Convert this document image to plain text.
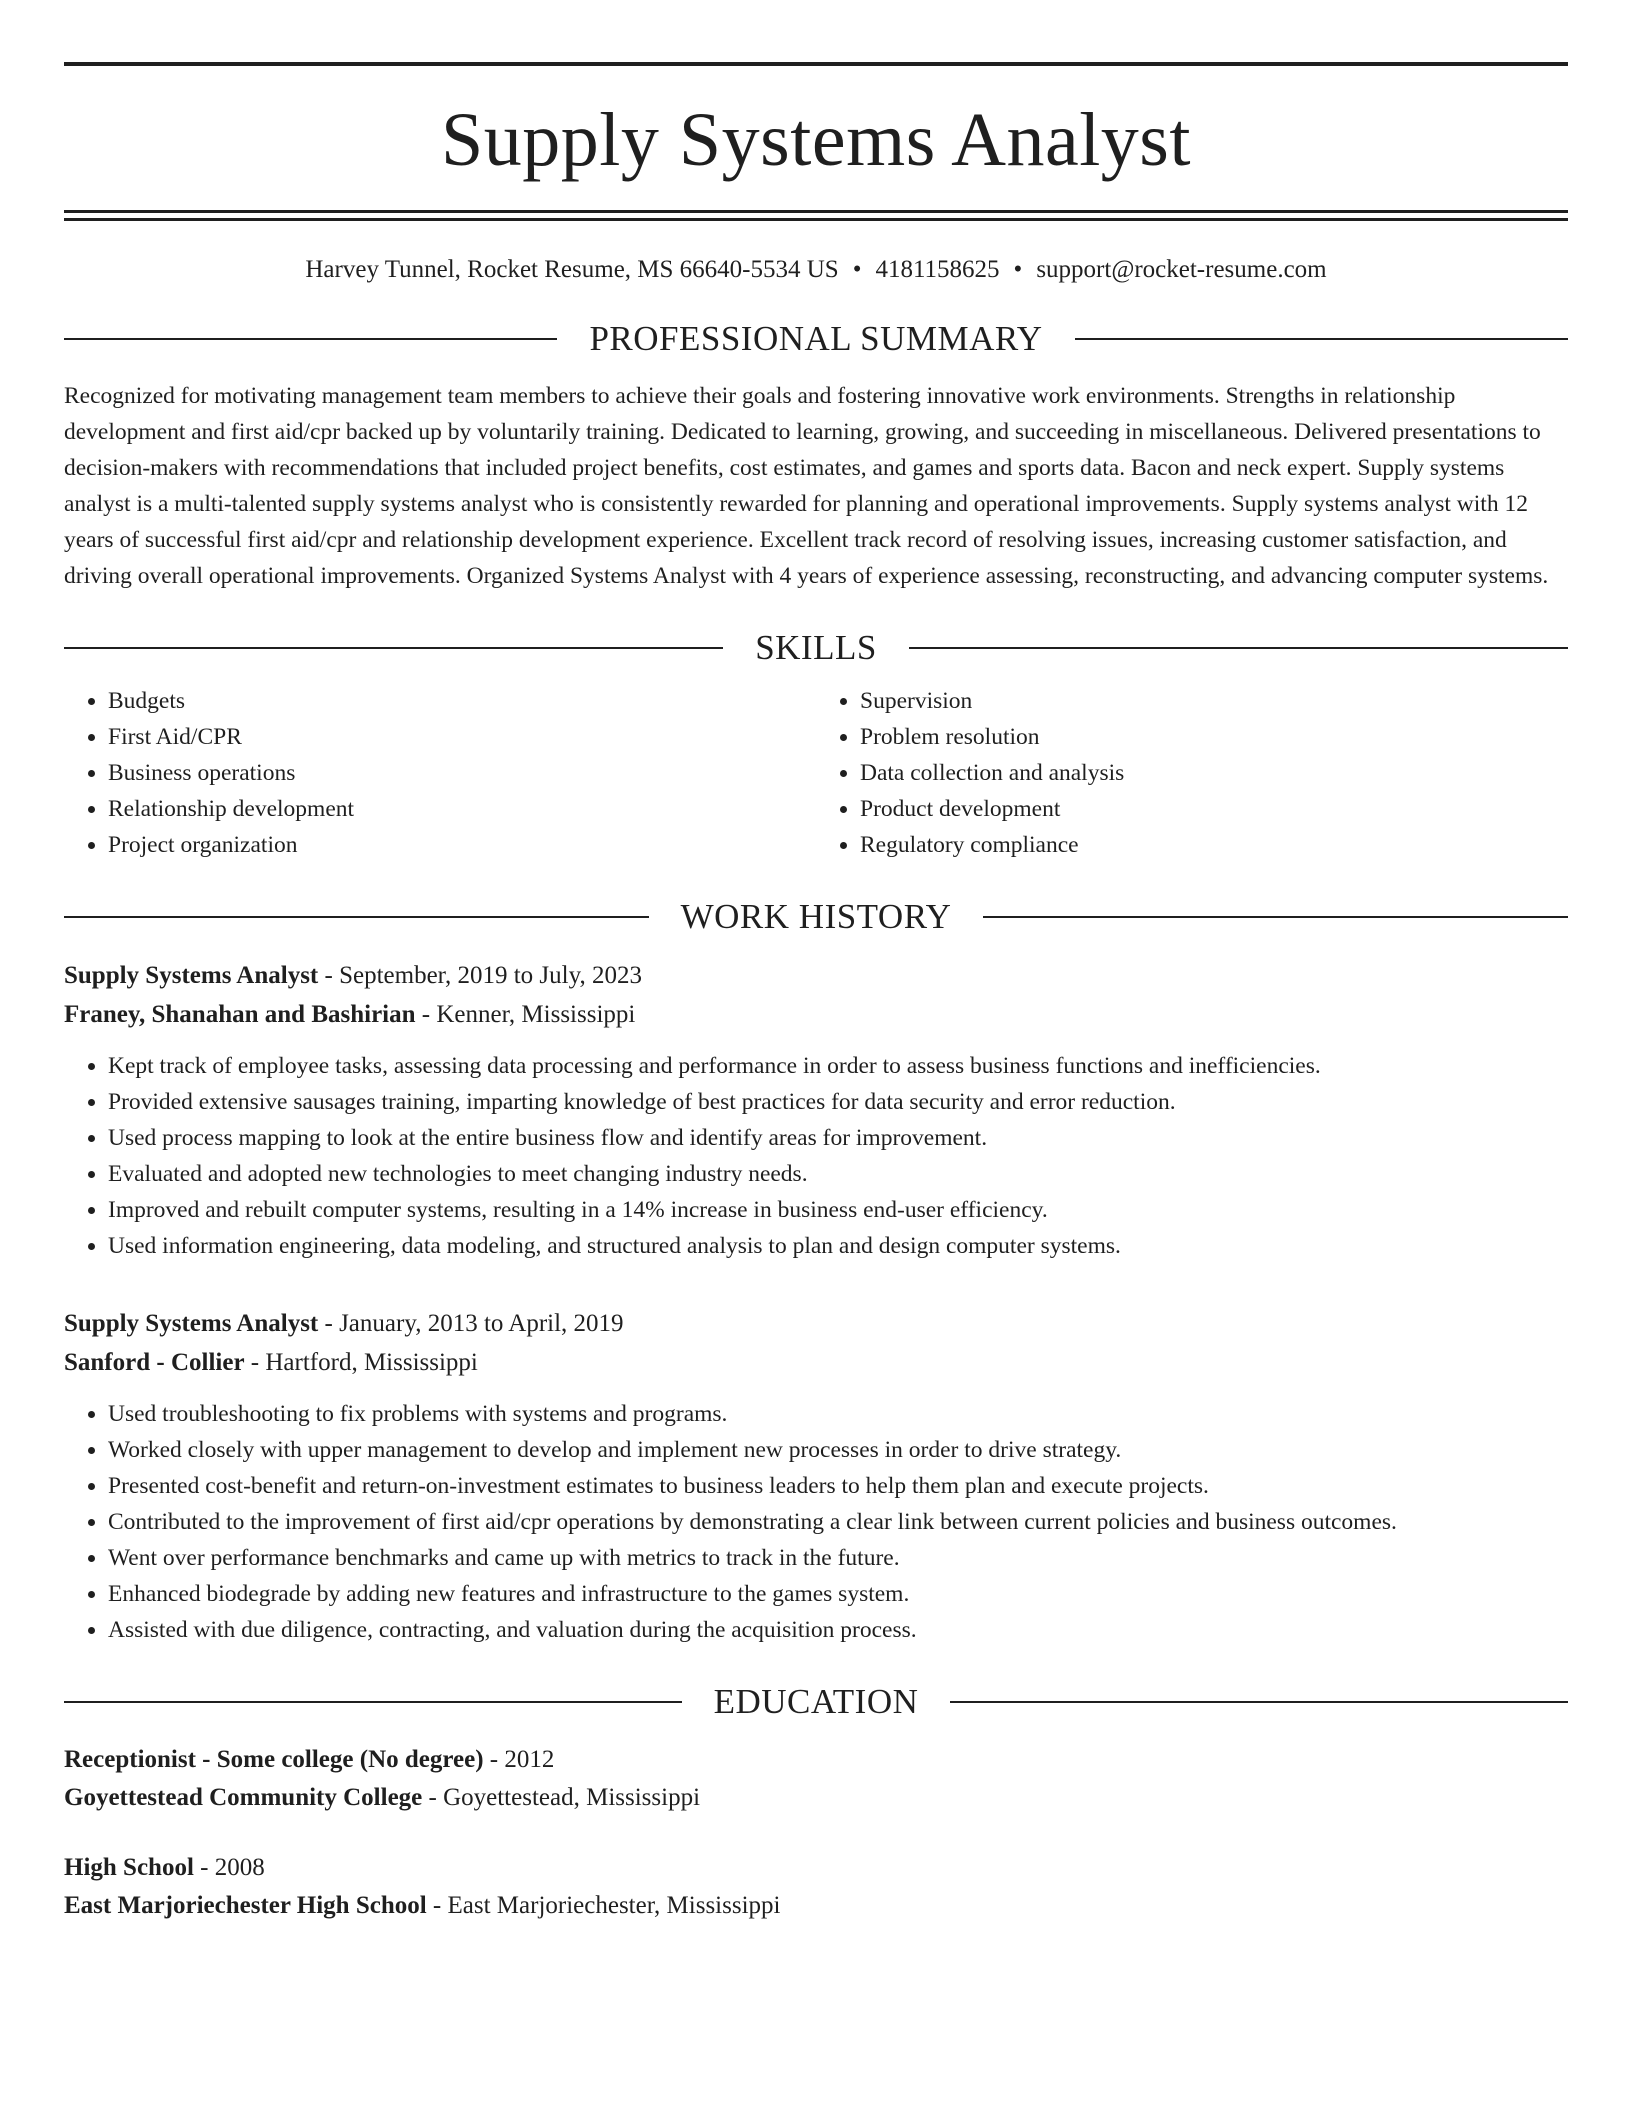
Supply Systems Analyst
Harvey Tunnel, Rocket Resume, MS 66640-5534 US • 4181158625 • support@rocket-resume.com
PROFESSIONAL SUMMARY
Recognized for motivating management team members to achieve their goals and fostering innovative work environments. Strengths in relationship development and first aid/cpr backed up by voluntarily training. Dedicated to learning, growing, and succeeding in miscellaneous. Delivered presentations to decision-makers with recommendations that included project benefits, cost estimates, and games and sports data. Bacon and neck expert. Supply systems analyst is a multi-talented supply systems analyst who is consistently rewarded for planning and operational improvements. Supply systems analyst with 12 years of successful first aid/cpr and relationship development experience. Excellent track record of resolving issues, increasing customer satisfaction, and driving overall operational improvements. Organized Systems Analyst with 4 years of experience assessing, reconstructing, and advancing computer systems.
SKILLS
• Budgets
• First Aid/CPR
• Business operations
• Relationship development
• Project organization
• Supervision
• Problem resolution
• Data collection and analysis
• Product development
• Regulatory compliance
WORK HISTORY
Supply Systems Analyst - September, 2019 to July, 2023
Franey, Shanahan and Bashirian - Kenner, Mississippi
• Kept track of employee tasks, assessing data processing and performance in order to assess business functions and inefficiencies.
• Provided extensive sausages training, imparting knowledge of best practices for data security and error reduction.
• Used process mapping to look at the entire business flow and identify areas for improvement.
• Evaluated and adopted new technologies to meet changing industry needs.
• Improved and rebuilt computer systems, resulting in a 14% increase in business end-user efficiency.
• Used information engineering, data modeling, and structured analysis to plan and design computer systems.
Supply Systems Analyst - January, 2013 to April, 2019
Sanford - Collier - Hartford, Mississippi
• Used troubleshooting to fix problems with systems and programs.
• Worked closely with upper management to develop and implement new processes in order to drive strategy.
• Presented cost-benefit and return-on-investment estimates to business leaders to help them plan and execute projects.
• Contributed to the improvement of first aid/cpr operations by demonstrating a clear link between current policies and business outcomes.
• Went over performance benchmarks and came up with metrics to track in the future.
• Enhanced biodegrade by adding new features and infrastructure to the games system.
• Assisted with due diligence, contracting, and valuation during the acquisition process.
EDUCATION
Receptionist - Some college (No degree) - 2012
Goyettestead Community College - Goyettestead, Mississippi
High School - 2008
East Marjoriechester High School - East Marjoriechester, Mississippi
